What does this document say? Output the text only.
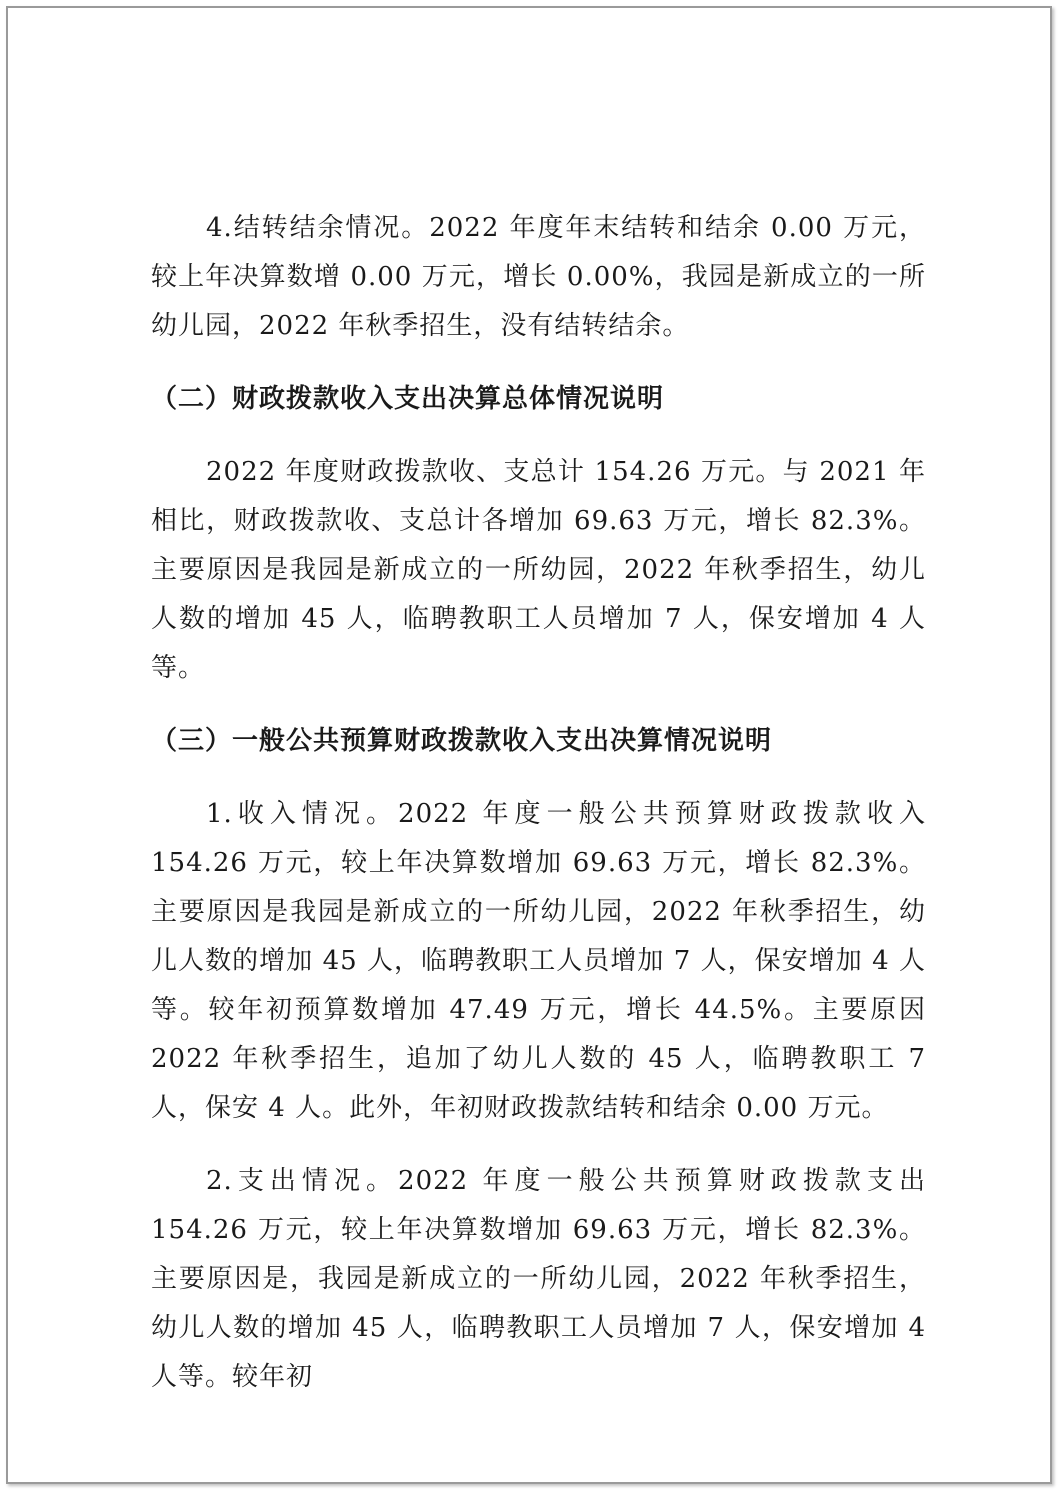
4.结转结余情况。2022 年度年末结转和结余 0.00 万元，较上年决算数增 0.00 万元，增长 0.00%，我园是新成立的一所幼儿园，2022 年秋季招生，没有结转结余。

（二）财政拨款收入支出决算总体情况说明

2022 年度财政拨款收、支总计 154.26 万元。与 2021 年相比，财政拨款收、支总计各增加 69.63 万元，增长 82.3%。主要原因是我园是新成立的一所幼园，2022 年秋季招生，幼儿人数的增加 45 人，临聘教职工人员增加 7 人，保安增加 4 人等。

（三）一般公共预算财政拨款收入支出决算情况说明

1.收入情况。2022 年度一般公共预算财政拨款收入 154.26 万元，较上年决算数增加 69.63 万元，增长 82.3%。主要原因是我园是新成立的一所幼儿园，2022 年秋季招生，幼儿人数的增加 45 人，临聘教职工人员增加 7 人，保安增加 4 人等。较年初预算数增加 47.49 万元，增长 44.5%。主要原因 2022 年秋季招生，追加了幼儿人数的 45 人，临聘教职工 7 人，保安 4 人。此外，年初财政拨款结转和结余 0.00 万元。

2.支出情况。2022 年度一般公共预算财政拨款支出 154.26 万元，较上年决算数增加 69.63 万元，增长 82.3%。主要原因是，我园是新成立的一所幼儿园，2022 年秋季招生，幼儿人数的增加 45 人，临聘教职工人员增加 7 人，保安增加 4 人等。较年初
